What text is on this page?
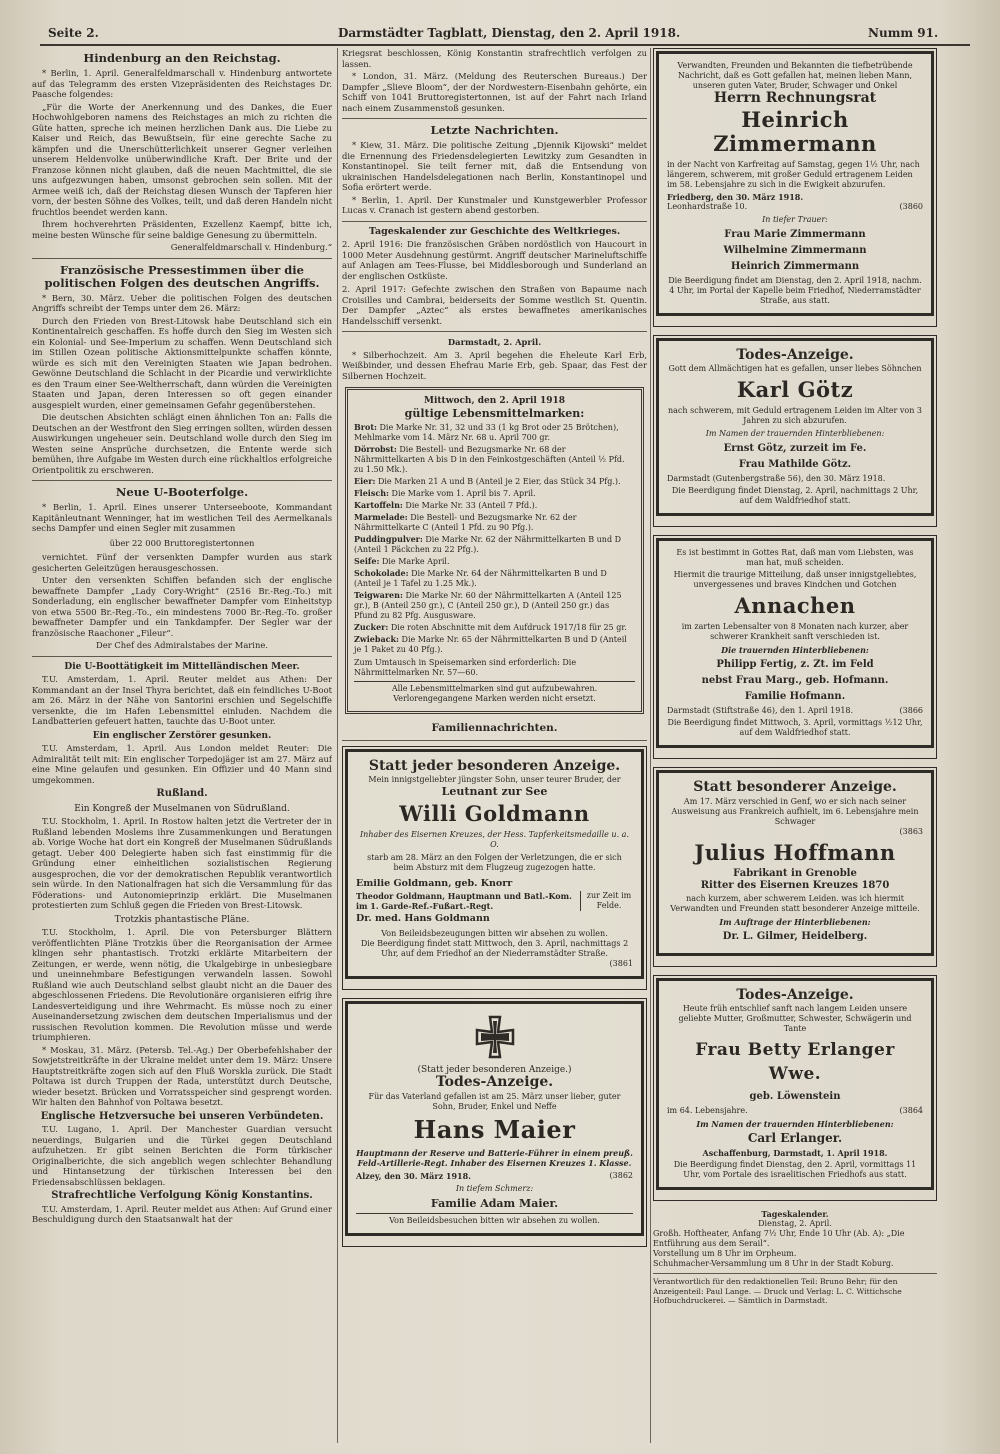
Seite 2.	Darmstädter Tagblatt, Dienstag, den 2. April 1918.	Numm 91.
Hindenburg an den Reichstag.

* Berlin, 1. April. Generalfeldmarschall v. Hindenburg antwortete auf das Telegramm des ersten Vizepräsidenten des Reichstages Dr. Paasche folgendes:

„Für die Worte der Anerkennung und des Dankes, die Euer Hochwohlgeboren namens des Reichstages an mich zu richten die Güte hatten, spreche ich meinen herzlichen Dank aus. Die Liebe zu Kaiser und Reich, das Bewußtsein, für eine gerechte Sache zu kämpfen und die Unerschütterlichkeit unserer Gegner verleihen unserem Heldenvolke unüberwindliche Kraft. Der Brite und der Franzose können nicht glauben, daß die neuen Machtmittel, die sie uns aufgezwungen haben, umsonst gebrochen sein sollen. Mit der Armee weiß ich, daß der Reichstag diesen Wunsch der Tapferen hier vorn, der besten Söhne des Volkes, teilt, und daß deren Handeln nicht fruchtlos beendet werden kann.

Ihrem hochverehrten Präsidenten, Exzellenz Kaempf, bitte ich, meine besten Wünsche für seine baldige Genesung zu übermitteln.

Generalfeldmarschall v. Hindenburg.“

Französische Pressestimmen über die politischen Folgen des deutschen Angriffs.

* Bern, 30. März. Ueber die politischen Folgen des deutschen Angriffs schreibt der Temps unter dem 26. März:

Durch den Frieden von Brest-Litowsk habe Deutschland sich ein Kontinentalreich geschaffen. Es hoffe durch den Sieg im Westen sich ein Kolonial- und See-Imperium zu schaffen. Wenn Deutschland sich im Stillen Ozean politische Aktionsmittelpunkte schaffen könnte, würde es sich mit den Vereinigten Staaten wie Japan bedrohen. Gewönne Deutschland die Schlacht in der Picardie und verwirklichte es den Traum einer See-Weltherrschaft, dann würden die Vereinigten Staaten und Japan, deren Interessen so oft gegen einander ausgespielt wurden, einer gemeinsamen Gefahr gegenüberstehen.

Die deutschen Absichten schlägt einen ähnlichen Ton an: Falls die Deutschen an der Westfront den Sieg erringen sollten, würden dessen Auswirkungen ungeheuer sein. Deutschland wolle durch den Sieg im Westen seine Ansprüche durchsetzen, die Entente werde sich bemühen, ihre Aufgabe im Westen durch eine rückhaltlos erfolgreiche Orientpolitik zu erschweren.

Neue U-Booterfolge.

* Berlin, 1. April. Eines unserer Unterseeboote, Kommandant Kapitänleutnant Wenninger, hat im westlichen Teil des Aermelkanals sechs Dampfer und einen Segler mit zusammen

über 22 000 Bruttoregistertonnen

vernichtet. Fünf der versenkten Dampfer wurden aus stark gesicherten Geleitzügen herausgeschossen.

Unter den versenkten Schiffen befanden sich der englische bewaffnete Dampfer „Lady Cory-Wright“ (2516 Br.-Reg.-To.) mit Sonderladung, ein englischer bewaffneter Dampfer vom Einheitstyp von etwa 5500 Br.-Reg.-To., ein mindestens 7000 Br.-Reg.-To. großer bewaffneter Dampfer und ein Tankdampfer. Der Segler war der französische Raachoner „Fileur“.

Der Chef des Admiralstabes der Marine.

Die U-Boottätigkeit im Mittelländischen Meer.

T.U. Amsterdam, 1. April. Reuter meldet aus Athen: Der Kommandant an der Insel Thyra berichtet, daß ein feindliches U-Boot am 26. März in der Nähe von Santorini erschien und Segelschiffe versenkte, die im Hafen Lebensmittel einluden. Nachdem die Landbatterien gefeuert hatten, tauchte das U-Boot unter.

Ein englischer Zerstörer gesunken.

T.U. Amsterdam, 1. April. Aus London meldet Reuter: Die Admiralität teilt mit: Ein englischer Torpedojäger ist am 27. März auf eine Mine gelaufen und gesunken. Ein Offizier und 40 Mann sind umgekommen.

Rußland.
Ein Kongreß der Muselmanen von Südrußland.

T.U. Stockholm, 1. April. In Rostow halten jetzt die Vertreter der in Rußland lebenden Moslems ihre Zusammenkungen und Beratungen ab. Vorige Woche hat dort ein Kongreß der Muselmanen Südrußlands getagt. Ueber 400 Delegierte haben sich fast einstimmig für die Gründung einer einheitlichen sozialistischen Regierung ausgesprochen, die vor der demokratischen Republik verantwortlich sein würde. In den Nationalfragen hat sich die Versammlung für das Föderations- und Autonomieprinzip erklärt. Die Muselmanen protestierten zum Schluß gegen die Frieden von Brest-Litowsk.

Trotzkis phantastische Pläne.

T.U. Stockholm, 1. April. Die von Petersburger Blättern veröffentlichten Pläne Trotzkis über die Reorganisation der Armee klingen sehr phantastisch. Trotzki erklärte Mitarbeitern der Zeitungen, er werde, wenn nötig, die Ukalgebirge in unbesiegbare und uneinnehmbare Befestigungen verwandeln lassen. Sowohl Rußland wie auch Deutschland selbst glaubt nicht an die Dauer des abgeschlossenen Friedens. Die Revolutionäre organisieren eifrig ihre Landesverteidigung und ihre Wehrmacht. Es müsse noch zu einer Auseinandersetzung zwischen dem deutschen Imperialismus und der russischen Revolution kommen. Die Revolution müsse und werde triumphieren.

* Moskau, 31. März. (Petersb. Tel.-Ag.) Der Oberbefehlshaber der Sowjetstreitkräfte in der Ukraine meldet unter dem 19. März: Unsere Hauptstreitkräfte zogen sich auf den Fluß Worskla zurück. Die Stadt Poltawa ist durch Truppen der Rada, unterstützt durch Deutsche, wieder besetzt. Brücken und Vorratsspeicher sind gesprengt worden. Wir halten den Bahnhof von Poltawa besetzt.

Englische Hetzversuche bei unseren Verbündeten.

T.U. Lugano, 1. April. Der Manchester Guardian versucht neuerdings, Bulgarien und die Türkei gegen Deutschland aufzuhetzen. Er gibt seinen Berichten die Form türkischer Originalberichte, die sich angeblich wegen schlechter Behandlung und Hintansetzung der türkischen Interessen bei den Friedensabschlüssen beklagen.

Strafrechtliche Verfolgung König Konstantins.

T.U. Amsterdam, 1. April. Reuter meldet aus Athen: Auf Grund einer Beschuldigung durch den Staatsanwalt hat der

Kriegsrat beschlossen, König Konstantin strafrechtlich verfolgen zu lassen.

* London, 31. März. (Meldung des Reuterschen Bureaus.) Der Dampfer „Slieve Bloom“, der der Nordwestern-Eisenbahn gehörte, ein Schiff von 1041 Bruttoregistertonnen, ist auf der Fahrt nach Irland nach einem Zusammenstoß gesunken.

Letzte Nachrichten.

* Kiew, 31. März. Die politische Zeitung „Djennik Kijowski“ meldet die Ernennung des Friedensdelegierten Lewitzky zum Gesandten in Konstantinopel. Sie teilt ferner mit, daß die Entsendung von ukrainischen Handelsdelegationen nach Berlin, Konstantinopel und Sofia erörtert werde.

* Berlin, 1. April. Der Kunstmaler und Kunstgewerbler Professor Lucas v. Cranach ist gestern abend gestorben.

Tageskalender zur Geschichte des Weltkrieges.
2. April 1916: Die französischen Gräben nordöstlich von Haucourt in 1000 Meter Ausdehnung gestürmt. Angriff deutscher Marineluftschiffe auf Anlagen am Tees-Flusse, bei Middlesborough und Sunderland an der englischen Ostküste.
2. April 1917: Gefechte zwischen den Straßen von Bapaume nach Croisilles und Cambrai, beiderseits der Somme westlich St. Quentin. Der Dampfer „Aztec“ als erstes bewaffnetes amerikanisches Handelsschiff versenkt.

Darmstadt, 2. April.

* Silberhochzeit. Am 3. April begehen die Eheleute Karl Erb, Weißbinder, und dessen Ehefrau Marie Erb, geb. Spaar, das Fest der Silbernen Hochzeit.

Mittwoch, den 2. April 1918
gültige Lebensmittelmarken:
Brot: Die Marke Nr. 31, 32 und 33 (1 kg Brot oder 25 Brötchen), Mehlmarke vom 14. März Nr. 68 u. April 700 gr.
Dörrobst: Die Bestell- und Bezugsmarke Nr. 68 der Nährmittelkarten A bis D in den Feinkostgeschäften (Anteil ½ Pfd. zu 1.50 Mk.).
Eier: Die Marken 21 A und B (Anteil je 2 Eier, das Stück 34 Pfg.).
Fleisch: Die Marke vom 1. April bis 7. April.
Kartoffeln: Die Marke Nr. 33 (Anteil 7 Pfd.).
Marmelade: Die Bestell- und Bezugsmarke Nr. 62 der Nährmittelkarte C (Anteil 1 Pfd. zu 90 Pfg.).
Puddingpulver: Die Marke Nr. 62 der Nährmittelkarten B und D (Anteil 1 Päckchen zu 22 Pfg.).
Seife: Die Marke April.
Schokolade: Die Marke Nr. 64 der Nährmittelkarten B und D (Anteil je 1 Tafel zu 1.25 Mk.).
Teigwaren: Die Marke Nr. 60 der Nährmittelkarten A (Anteil 125 gr.), B (Anteil 250 gr.), C (Anteil 250 gr.), D (Anteil 250 gr.) das Pfund zu 82 Pfg. Ausgusware.
Zucker: Die roten Abschnitte mit dem Aufdruck 1917/18 für 25 gr.
Zwieback: Die Marke Nr. 65 der Nährmittelkarten B und D (Anteil je 1 Paket zu 40 Pfg.).
Zum Umtausch in Speisemarken sind erforderlich: Die Nährmittelmarken Nr. 57—60.
Alle Lebensmittelmarken sind gut aufzubewahren.
Verlorengegangene Marken werden nicht ersetzt.
Familiennachrichten.
Statt jeder besonderen Anzeige.
Mein innigstgeliebter jüngster Sohn, unser teurer Bruder, der
Leutnant zur See
Willi Goldmann
Inhaber des Eisernen Kreuzes, der Hess. Tapferkeitsmedaille u. a. O.
starb am 28. März an den Folgen der Verletzungen, die er sich beim Absturz mit dem Flugzeug zugezogen hatte.
Emilie Goldmann, geb. Knorr
Theodor Goldmann, Hauptmann und Batl.-Kom. im 1. Garde-Ref.-Fußart.-Regt.
Dr. med. Hans Goldmann
zur Zeit im Felde.
Von Beileidsbezeugungen bitten wir absehen zu wollen.
Die Beerdigung findet statt Mittwoch, den 3. April, nachmittags 2 Uhr, auf dem Friedhof an der Niederramstädter Straße.
(3861
(Statt jeder besonderen Anzeige.)
Todes-Anzeige.
Für das Vaterland gefallen ist am 25. März unser lieber, guter Sohn, Bruder, Enkel und Neffe
Hans Maier
Hauptmann der Reserve und Batterie-Führer in einem preuß. Feld-Artillerie-Regt. Inhaber des Eisernen Kreuzes 1. Klasse.
Alzey, den 30. März 1918.	(3862
In tiefem Schmerz:
Familie Adam Maier.
Von Beileidsbesuchen bitten wir absehen zu wollen.
Verwandten, Freunden und Bekannten die tiefbetrübende Nachricht, daß es Gott gefallen hat, meinen lieben Mann, unseren guten Vater, Bruder, Schwager und Onkel
Herrn Rechnungsrat
Heinrich Zimmermann
in der Nacht von Karfreitag auf Samstag, gegen 1½ Uhr, nach längerem, schwerem, mit großer Geduld ertragenem Leiden im 58. Lebensjahre zu sich in die Ewigkeit abzurufen.
Friedberg, den 30. März 1918.
Leonhardstraße 10.	(3860
In tiefer Trauer:
Frau Marie Zimmermann
Wilhelmine Zimmermann
Heinrich Zimmermann
Die Beerdigung findet am Dienstag, den 2. April 1918, nachm. 4 Uhr, im Portal der Kapelle beim Friedhof, Niederramstädter Straße, aus statt.
Todes-Anzeige.
Gott dem Allmächtigen hat es gefallen, unser liebes Söhnchen
Karl Götz
nach schwerem, mit Geduld ertragenem Leiden im Alter von 3 Jahren zu sich abzurufen.
Im Namen der trauernden Hinterbliebenen:
Ernst Götz, zurzeit im Fe.
Frau Mathilde Götz.
Darmstadt (Gutenbergstraße 56), den 30. März 1918.
Die Beerdigung findet Dienstag, 2. April, nachmittags 2 Uhr, auf dem Waldfriedhof statt.
Es ist bestimmt in Gottes Rat, daß man vom Liebsten, was man hat, muß scheiden.
Hiermit die traurige Mitteilung, daß unser innigstgeliebtes, unvergessenes und braves Kindchen und Gotchen
Annachen
im zarten Lebensalter von 8 Monaten nach kurzer, aber schwerer Krankheit sanft verschieden ist.
Die trauernden Hinterbliebenen:
Philipp Fertig, z. Zt. im Feld
nebst Frau Marg., geb. Hofmann.
Familie Hofmann.
Darmstadt (Stiftstraße 46), den 1. April 1918.	(3866
Die Beerdigung findet Mittwoch, 3. April, vormittags ½12 Uhr, auf dem Waldfriedhof statt.
Statt besonderer Anzeige.
Am 17. März verschied in Genf, wo er sich nach seiner Ausweisung aus Frankreich aufhielt, im 6. Lebensjahre mein Schwager
(3863
Julius Hoffmann
Fabrikant in Grenoble
Ritter des Eisernen Kreuzes 1870
nach kurzem, aber schwerem Leiden. was ich hiermit Verwandten und Freunden statt besonderer Anzeige mitteile.
Im Auftrage der Hinterbliebenen:
Dr. L. Gilmer, Heidelberg.
Todes-Anzeige.
Heute früh entschlief sanft nach langem Leiden unsere geliebte Mutter, Großmutter, Schwester, Schwägerin und Tante
Frau Betty Erlanger Wwe.
geb. Löwenstein
im 64. Lebensjahre.	(3864
Im Namen der trauernden Hinterbliebenen:
Carl Erlanger.
Aschaffenburg, Darmstadt, 1. April 1918.
Die Beerdigung findet Dienstag, den 2. April, vormittags 11 Uhr, vom Portale des israelitischen Friedhofs aus statt.
Tageskalender.
Dienstag, 2. April.
Großh. Hoftheater, Anfang 7½ Uhr, Ende 10 Uhr (Ab. A): „Die Entführung aus dem Serail“.
Vorstellung um 8 Uhr im Orpheum.
Schuhmacher-Versammlung um 8 Uhr in der Stadt Koburg.
Verantwortlich für den redaktionellen Teil: Bruno Behr; für den Anzeigenteil: Paul Lange. — Druck und Verlag: L. C. Wittichsche Hofbuchdruckerei. — Sämtlich in Darmstadt.
